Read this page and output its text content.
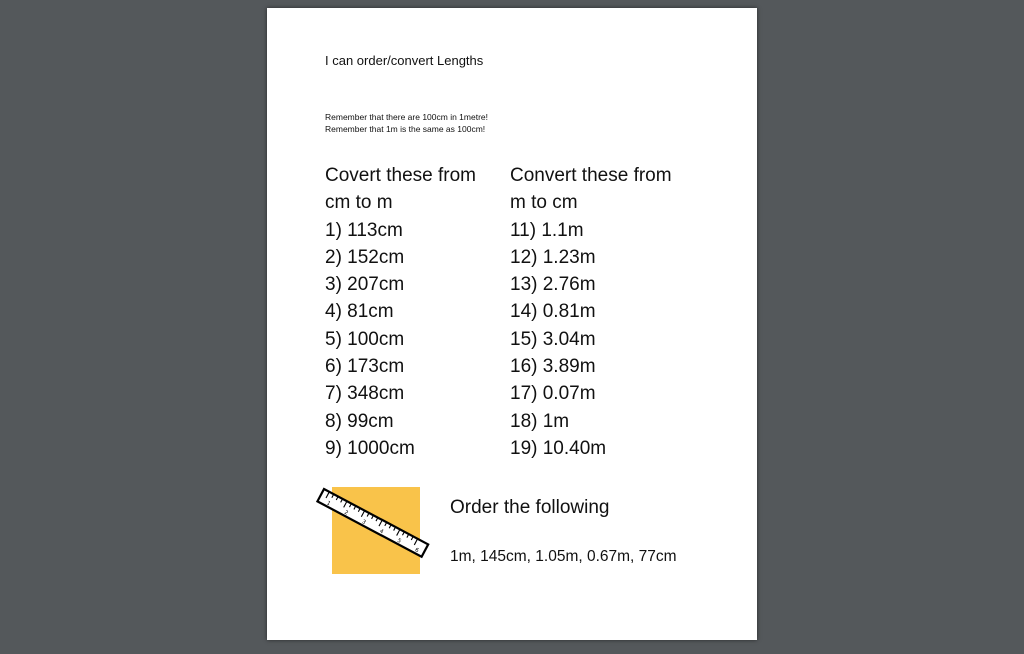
I can order/convert Lengths
Remember that there are 100cm in 1metre!
Remember that 1m is the same as 100cm!
Covert these from
cm to m
1) 113cm
2) 152cm
3) 207cm
4) 81cm
5) 100cm
6) 173cm
7) 348cm
8) 99cm
9) 1000cm
Convert these from
m to cm
11) 1.1m
12) 1.23m
13) 2.76m
14) 0.81m
15) 3.04m
16) 3.89m
17) 0.07m
18) 1m
19) 10.40m
1
2
3
4
5
6
Order the following
1m, 145cm, 1.05m, 0.67m, 77cm
